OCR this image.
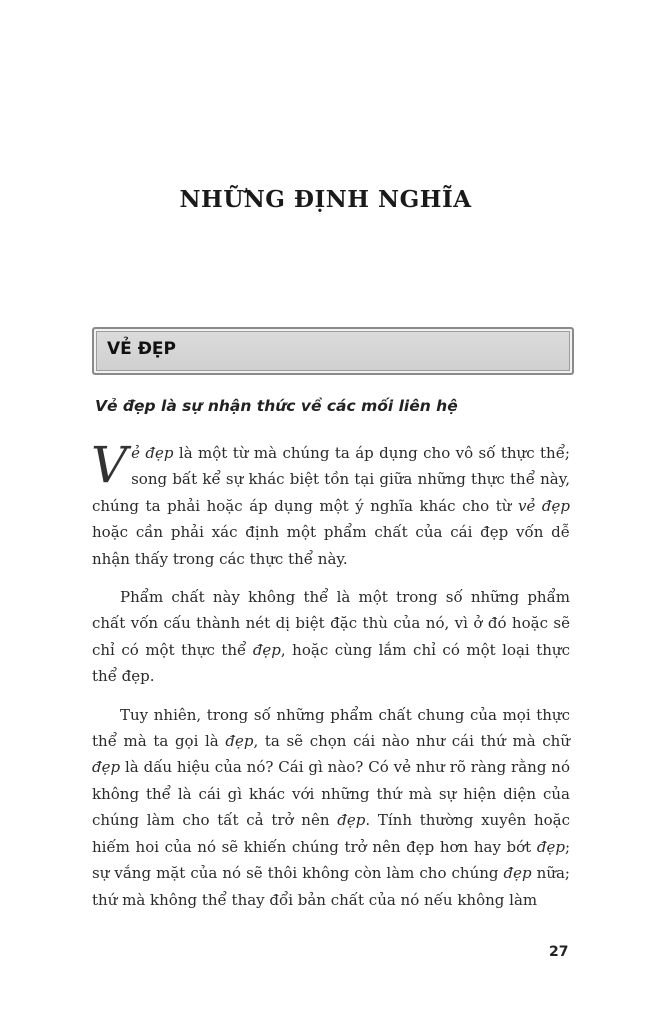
NHỮNG ĐỊNH NGHĨA
VẺ ĐẸP
Vẻ đẹp là sự nhận thức về các mối liên hệ

Vẻ đẹp là một từ mà chúng ta áp dụng cho vô số thực thể; song bất kể sự khác biệt tồn tại giữa những thực thể này, chúng ta phải hoặc áp dụng một ý nghĩa khác cho từ vẻ đẹp hoặc cần phải xác định một phẩm chất của cái đẹp vốn dễ nhận thấy trong các thực thể này.

Phẩm chất này không thể là một trong số những phẩm chất vốn cấu thành nét dị biệt đặc thù của nó, vì ở đó hoặc sẽ chỉ có một thực thể đẹp, hoặc cùng lắm chỉ có một loại thực thể đẹp.

Tuy nhiên, trong số những phẩm chất chung của mọi thực thể mà ta gọi là đẹp, ta sẽ chọn cái nào như cái thứ mà chữ đẹp là dấu hiệu của nó? Cái gì nào? Có vẻ như rõ ràng rằng nó không thể là cái gì khác với những thứ mà sự hiện diện của chúng làm cho tất cả trở nên đẹp. Tính thường xuyên hoặc hiếm hoi của nó sẽ khiến chúng trở nên đẹp hơn hay bớt đẹp; sự vắng mặt của nó sẽ thôi không còn làm cho chúng đẹp nữa; thứ mà không thể thay đổi bản chất của nó nếu không làm

27
